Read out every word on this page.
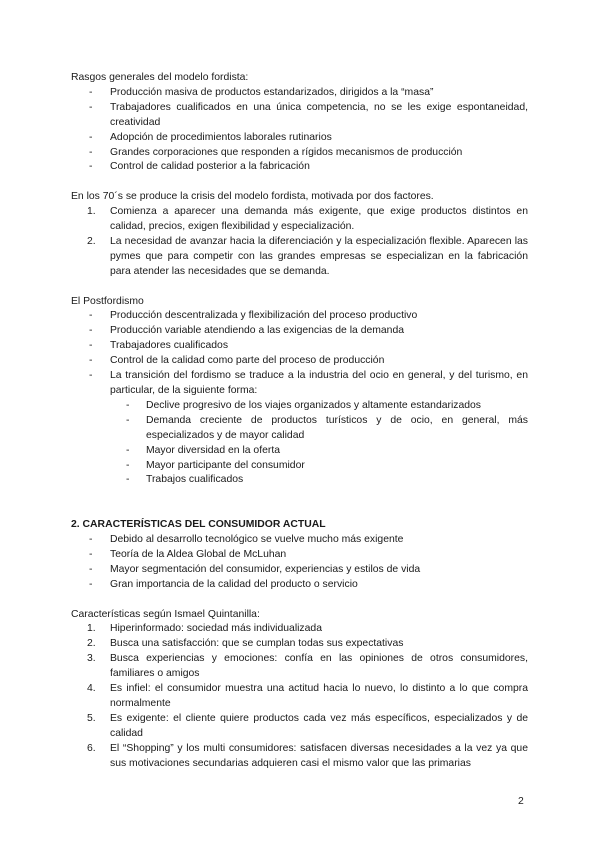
Rasgos generales del modelo fordista:

- Producción masiva de productos estandarizados, dirigidos a la “masa”
- Trabajadores cualificados en una única competencia, no se les exige espontaneidad, creatividad
- Adopción de procedimientos laborales rutinarios
- Grandes corporaciones que responden a rígidos mecanismos de producción
- Control de calidad posterior a la fabricación

En los 70´s se produce la crisis del modelo fordista, motivada por dos factores.

1. Comienza a aparecer una demanda más exigente, que exige productos distintos en calidad, precios, exigen flexibilidad y especialización.
2. La necesidad de avanzar hacia la diferenciación y la especialización flexible. Aparecen las pymes que para competir con las grandes empresas se especializan en la fabricación para atender las necesidades que se demanda.

El Postfordismo

- Producción descentralizada y flexibilización del proceso productivo
- Producción variable atendiendo a las exigencias de la demanda
- Trabajadores cualificados
- Control de la calidad como parte del proceso de producción
- La transición del fordismo se traduce a la industria del ocio en general, y del turismo, en particular, de la siguiente forma:
- Declive progresivo de los viajes organizados y altamente estandarizados
- Demanda creciente de productos turísticos y de ocio, en general, más especializados y de mayor calidad
- Mayor diversidad en la oferta
- Mayor participante del consumidor
- Trabajos cualificados

2. CARACTERÍSTICAS DEL CONSUMIDOR ACTUAL

- Debido al desarrollo tecnológico se vuelve mucho más exigente
- Teoría de la Aldea Global de McLuhan
- Mayor segmentación del consumidor, experiencias y estilos de vida
- Gran importancia de la calidad del producto o servicio

Características según Ismael Quintanilla:

1. Hiperinformado: sociedad más individualizada
2. Busca una satisfacción: que se cumplan todas sus expectativas
3. Busca experiencias y emociones: confía en las opiniones de otros consumidores, familiares o amigos
4. Es infiel: el consumidor muestra una actitud hacia lo nuevo, lo distinto a lo que compra normalmente
5. Es exigente: el cliente quiere productos cada vez más específicos, especializados y de calidad
6. El “Shopping” y los multi consumidores: satisfacen diversas necesidades a la vez ya que sus motivaciones secundarias adquieren casi el mismo valor que las primarias
2
